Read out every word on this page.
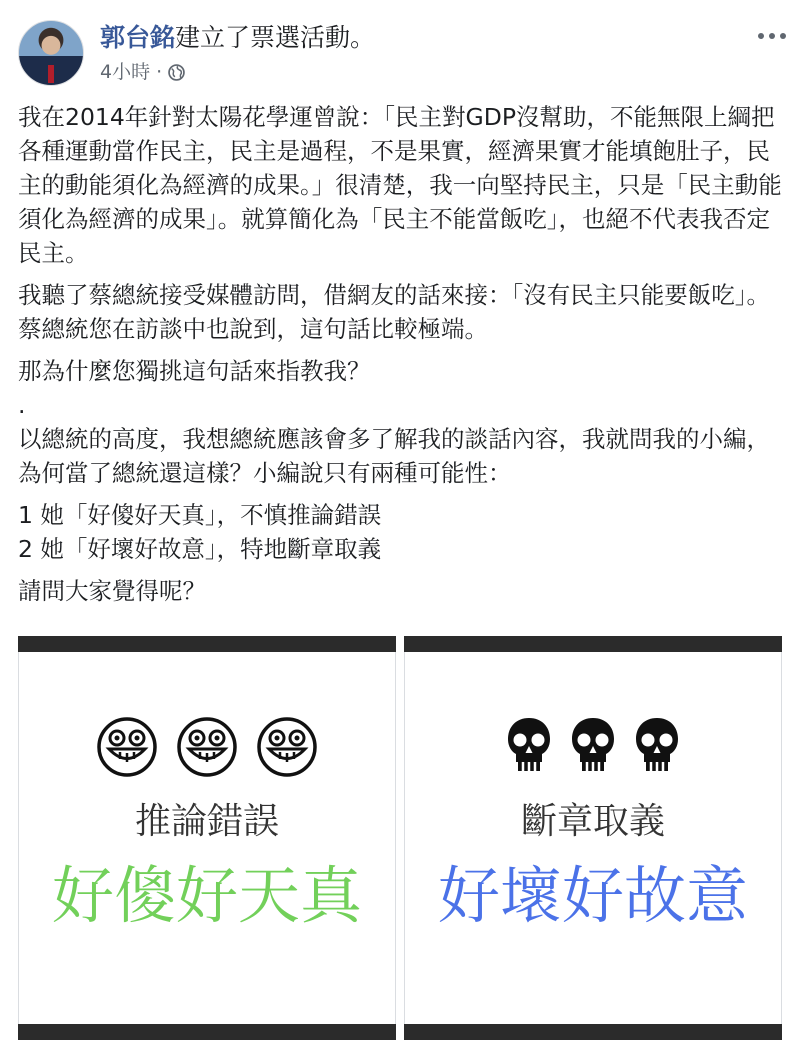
郭台銘建立了票選活動。
4小時 ·

我在2014年針對太陽花學運曾說：「民主對GDP沒幫助，不能無限上綱把各種運動當作民主，民主是過程，不是果實，經濟果實才能填飽肚子，民主的動能須化為經濟的成果。」很清楚，我一向堅持民主，只是「民主動能須化為經濟的成果」。就算簡化為「民主不能當飯吃」，也絕不代表我否定民主。

我聽了蔡總統接受媒體訪問，借網友的話來接：「沒有民主只能要飯吃」。蔡總統您在訪談中也說到，這句話比較極端。

那為什麼您獨挑這句話來指教我？
.
以總統的高度，我想總統應該會多了解我的談話內容，我就問我的小編，為何當了總統還這樣？小編說只有兩種可能性：

1 她「好傻好天真」，不慎推論錯誤
2 她「好壞好故意」，特地斷章取義

請問大家覺得呢？

推論錯誤
好傻好天真
斷章取義
好壞好故意
